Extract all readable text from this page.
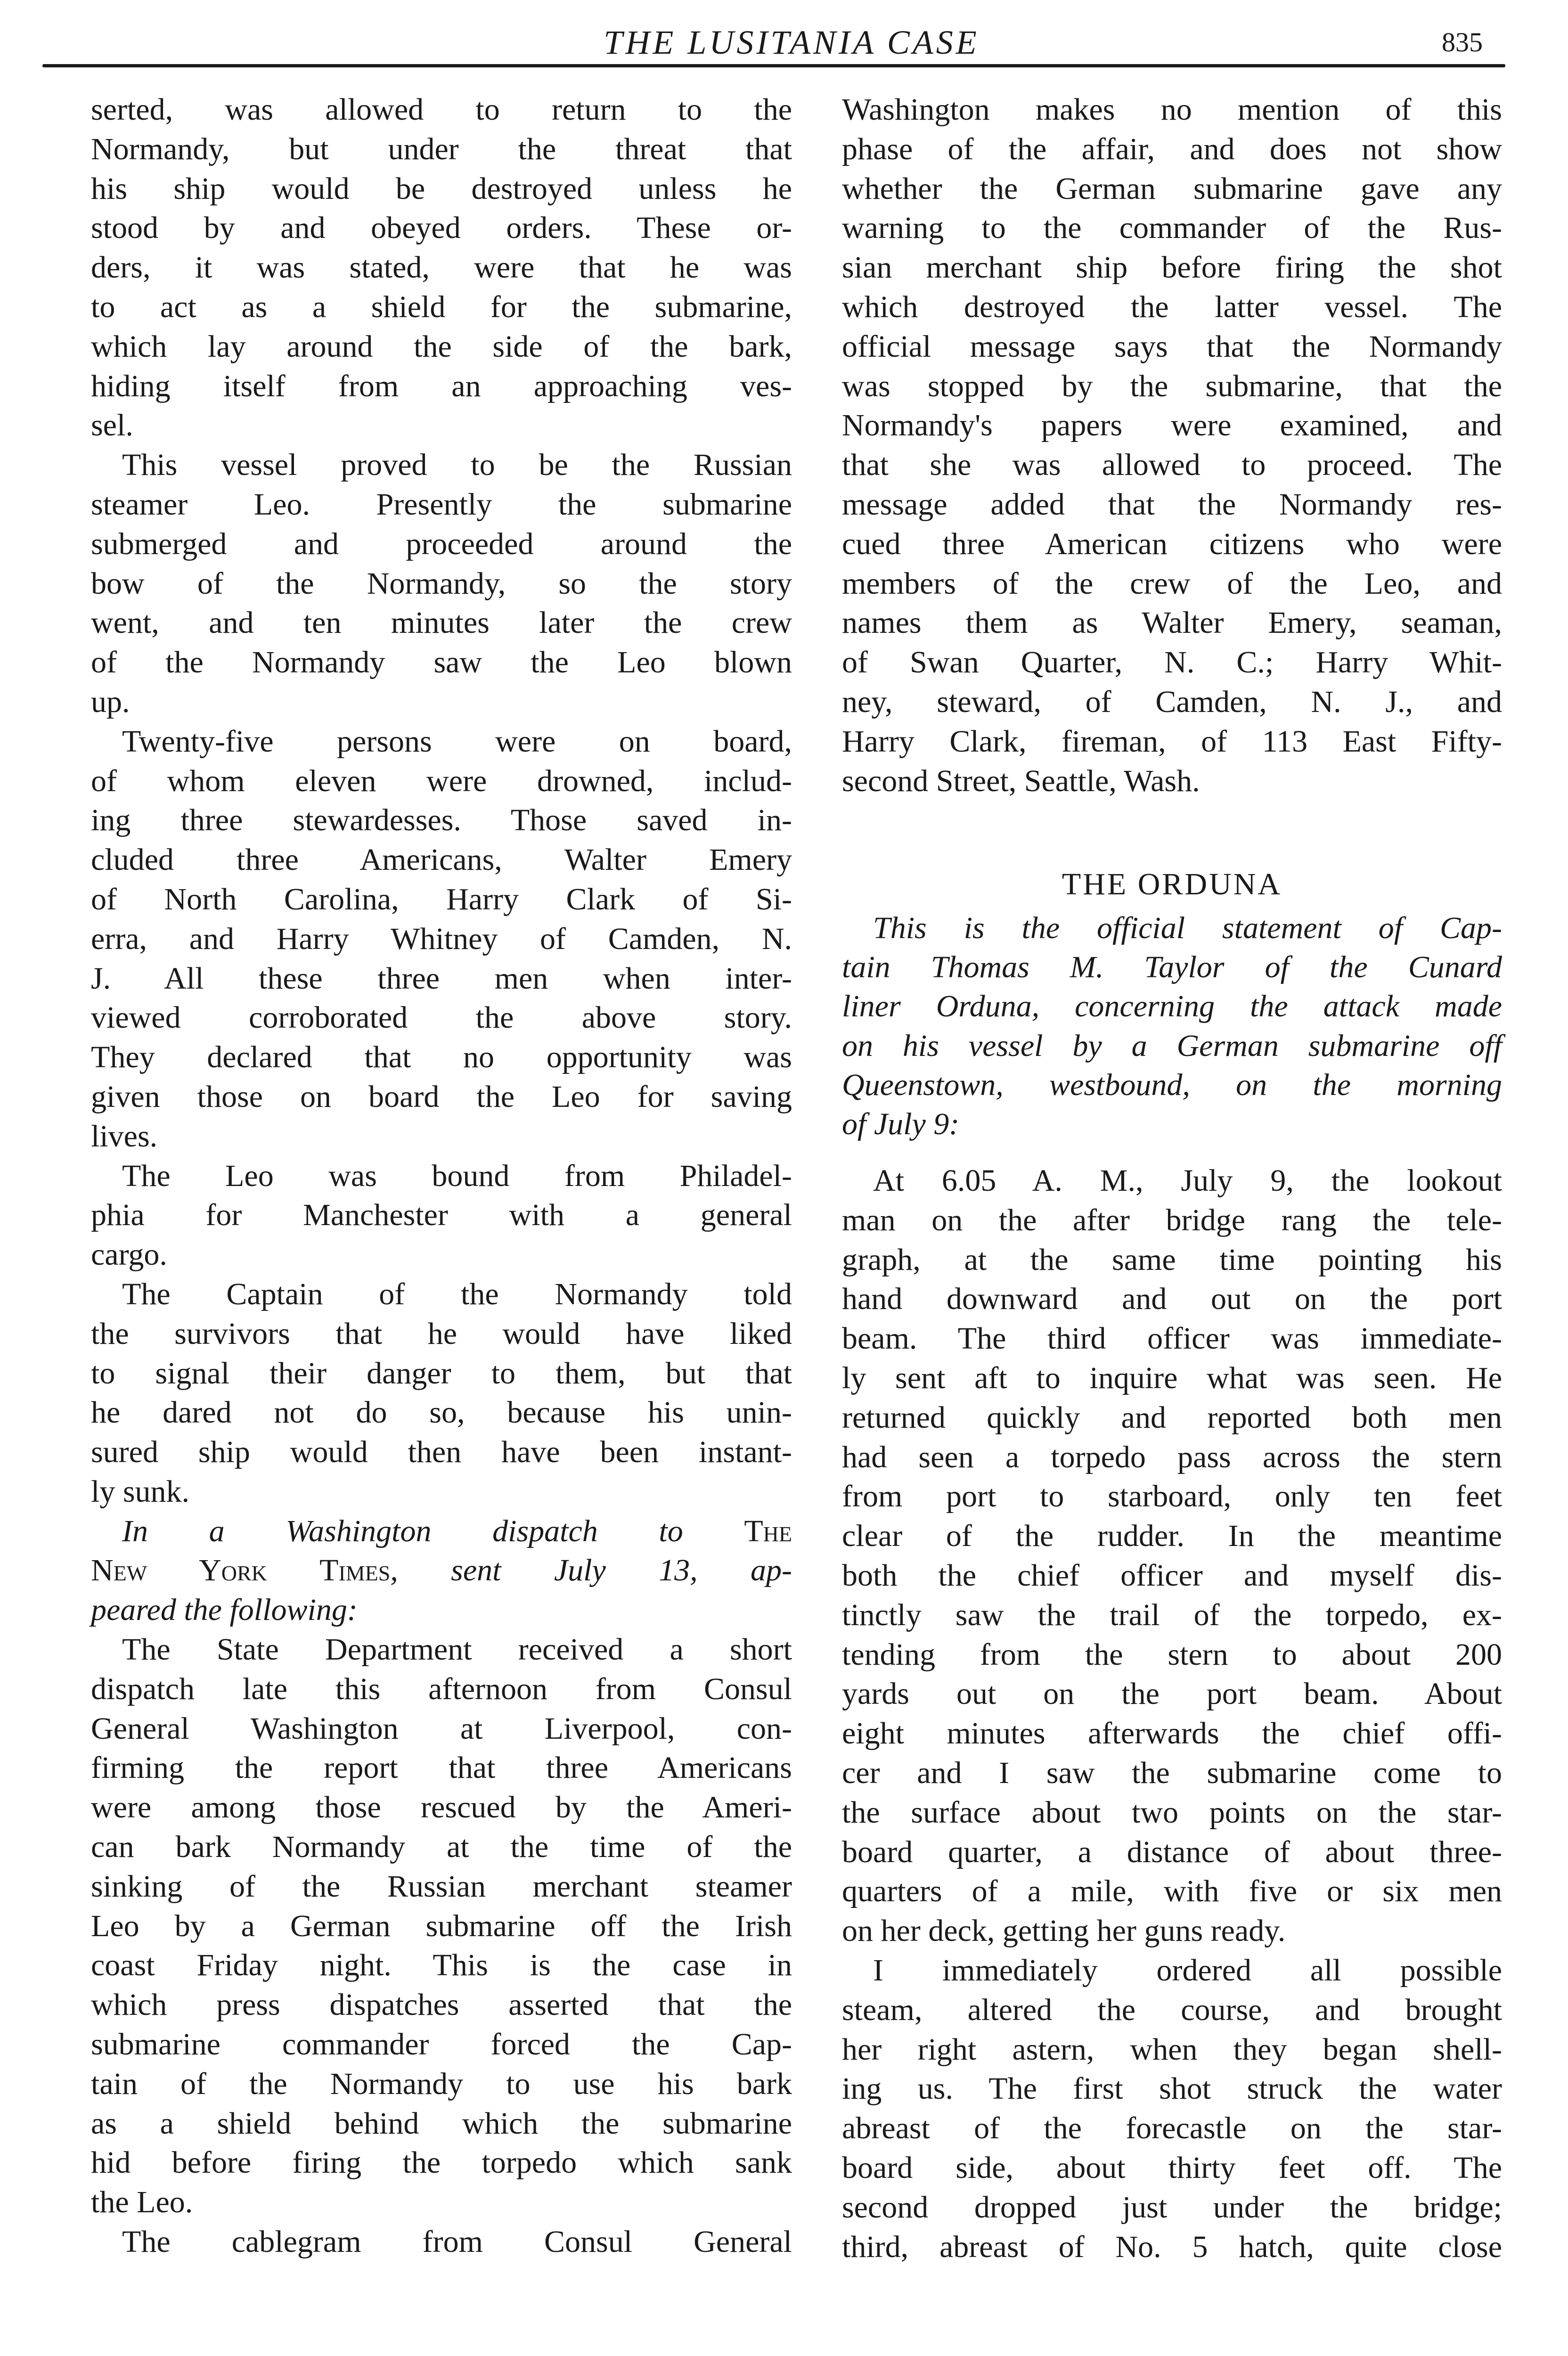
THE LUSITANIA CASE	835
serted, was allowed to return to the
Normandy, but under the threat that
his ship would be destroyed unless he
stood by and obeyed orders. These or-
ders, it was stated, were that he was
to act as a shield for the submarine,
which lay around the side of the bark,
hiding itself from an approaching ves-
sel.
This vessel proved to be the Russian
steamer Leo. Presently the submarine
submerged and proceeded around the
bow of the Normandy, so the story
went, and ten minutes later the crew
of the Normandy saw the Leo blown
up.
Twenty-five persons were on board,
of whom eleven were drowned, includ-
ing three stewardesses. Those saved in-
cluded three Americans, Walter Emery
of North Carolina, Harry Clark of Si-
erra, and Harry Whitney of Camden, N.
J. All these three men when inter-
viewed corroborated the above story.
They declared that no opportunity was
given those on board the Leo for saving
lives.
The Leo was bound from Philadel-
phia for Manchester with a general
cargo.
The Captain of the Normandy told
the survivors that he would have liked
to signal their danger to them, but that
he dared not do so, because his unin-
sured ship would then have been instant-
ly sunk.
In a Washington dispatch to The
New York Times, sent July 13, ap-
peared the following:
The State Department received a short
dispatch late this afternoon from Consul
General Washington at Liverpool, con-
firming the report that three Americans
were among those rescued by the Ameri-
can bark Normandy at the time of the
sinking of the Russian merchant steamer
Leo by a German submarine off the Irish
coast Friday night. This is the case in
which press dispatches asserted that the
submarine commander forced the Cap-
tain of the Normandy to use his bark
as a shield behind which the submarine
hid before firing the torpedo which sank
the Leo.
The cablegram from Consul General
Washington makes no mention of this
phase of the affair, and does not show
whether the German submarine gave any
warning to the commander of the Rus-
sian merchant ship before firing the shot
which destroyed the latter vessel. The
official message says that the Normandy
was stopped by the submarine, that the
Normandy's papers were examined, and
that she was allowed to proceed. The
message added that the Normandy res-
cued three American citizens who were
members of the crew of the Leo, and
names them as Walter Emery, seaman,
of Swan Quarter, N. C.; Harry Whit-
ney, steward, of Camden, N. J., and
Harry Clark, fireman, of 113 East Fifty-
second Street, Seattle, Wash.
THE ORDUNA
This is the official statement of Cap-
tain Thomas M. Taylor of the Cunard
liner Orduna, concerning the attack made
on his vessel by a German submarine off
Queenstown, westbound, on the morning
of July 9:
At 6.05 A. M., July 9, the lookout
man on the after bridge rang the tele-
graph, at the same time pointing his
hand downward and out on the port
beam. The third officer was immediate-
ly sent aft to inquire what was seen. He
returned quickly and reported both men
had seen a torpedo pass across the stern
from port to starboard, only ten feet
clear of the rudder. In the meantime
both the chief officer and myself dis-
tinctly saw the trail of the torpedo, ex-
tending from the stern to about 200
yards out on the port beam. About
eight minutes afterwards the chief offi-
cer and I saw the submarine come to
the surface about two points on the star-
board quarter, a distance of about three-
quarters of a mile, with five or six men
on her deck, getting her guns ready.
I immediately ordered all possible
steam, altered the course, and brought
her right astern, when they began shell-
ing us. The first shot struck the water
abreast of the forecastle on the star-
board side, about thirty feet off. The
second dropped just under the bridge;
third, abreast of No. 5 hatch, quite close
